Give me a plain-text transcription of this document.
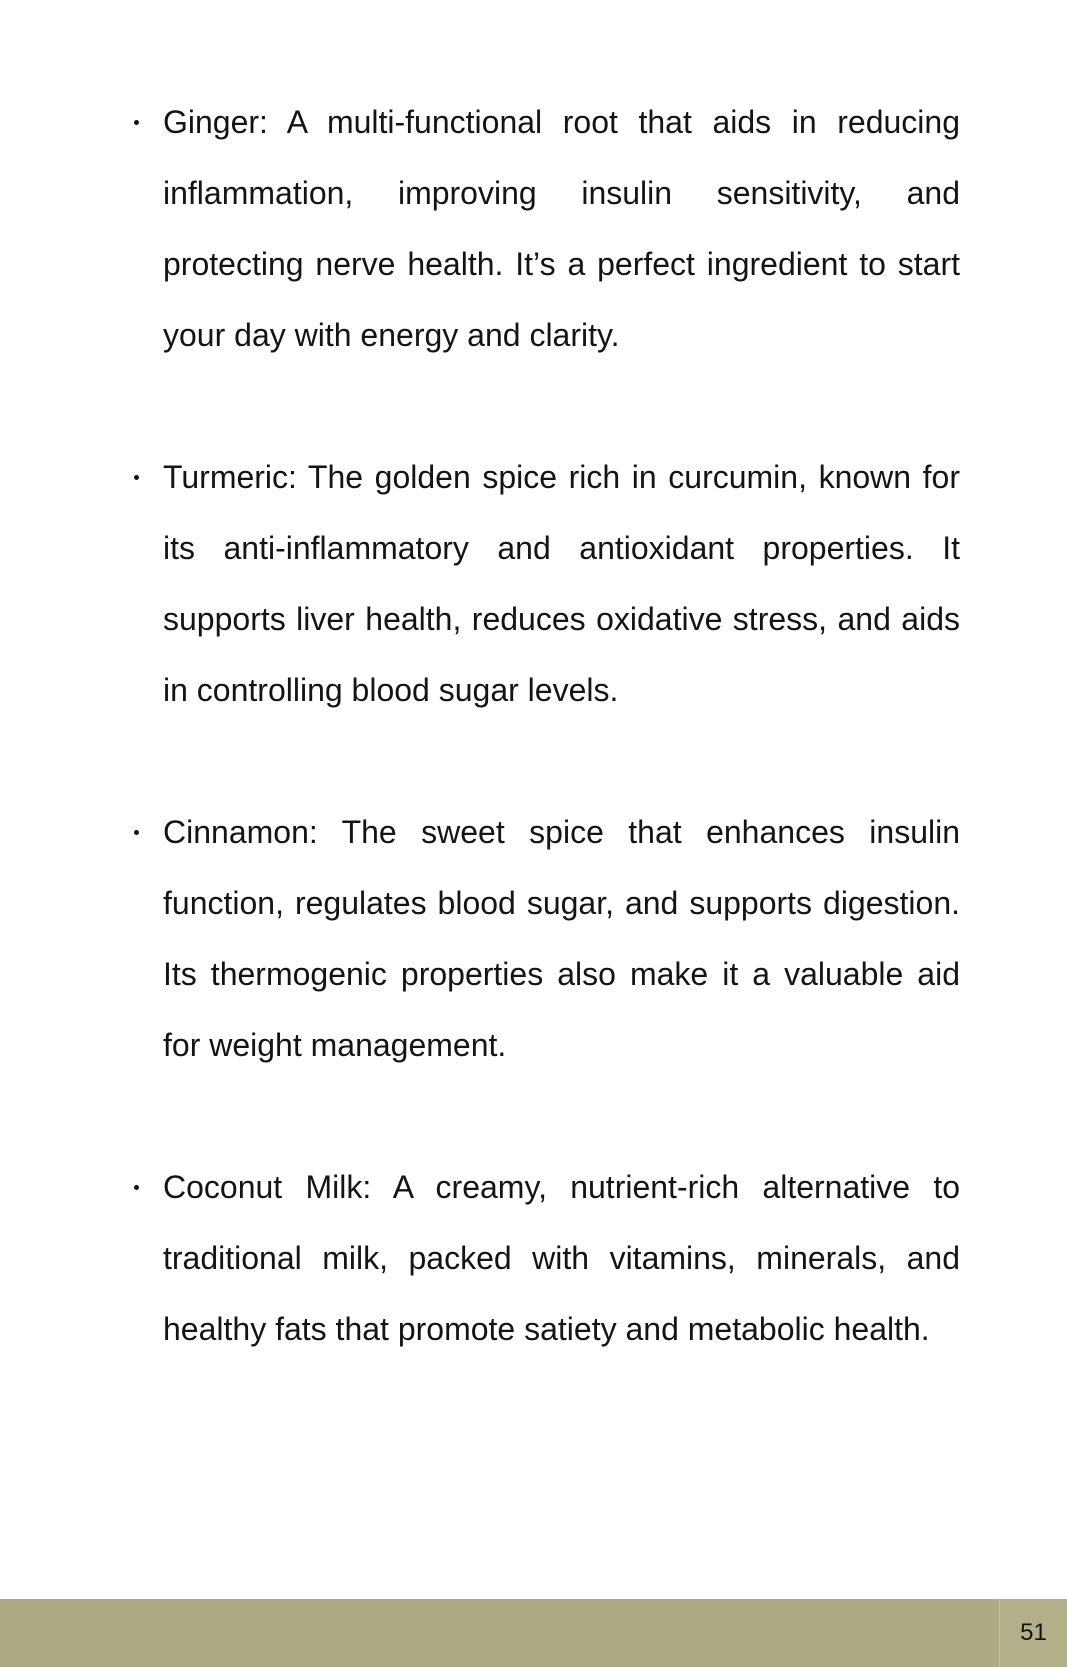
Ginger: A multi-functional root that aids in reducing inflammation, improving insulin sensitivity, and protecting nerve health. It’s a perfect ingredient to start your day with energy and clarity.
Turmeric: The golden spice rich in curcumin, known for its anti-inflammatory and antioxidant properties. It supports liver health, reduces oxidative stress, and aids in controlling blood sugar levels.
Cinnamon: The sweet spice that enhances insulin function, regulates blood sugar, and supports digestion. Its thermogenic properties also make it a valuable aid for weight management.
Coconut Milk: A creamy, nutrient-rich alternative to traditional milk, packed with vitamins, minerals, and healthy fats that promote satiety and metabolic health.
51
